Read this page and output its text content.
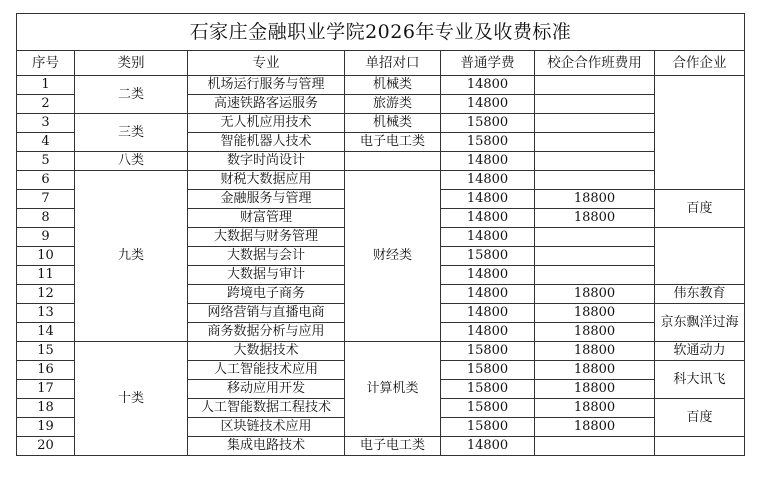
石家庄金融职业学院2026年专业及收费标准
序号	类别	专业	单招对口	普通学费	校企合作班费用	合作企业
1	二类	机场运行服务与管理	机械类	14800		
2		高速铁路客运服务	旅游类	14800		
3	三类	无人机应用技术	机械类	15800		
4		智能机器人技术	电子电工类	15800		
5	八类	数字时尚设计		14800		
6	九类	财税大数据应用	财经类	14800		
7		金融服务与管理		14800	18800	百度
8		财富管理		14800	18800	
9		大数据与财务管理		14800		
10		大数据与会计		15800		
11		大数据与审计		14800		
12		跨境电子商务		14800	18800	伟东教育
13		网络营销与直播电商		14800	18800	京东飘洋过海
14		商务数据分析与应用		14800	18800	
15	十类	大数据技术	计算机类	15800	18800	软通动力
16		人工智能技术应用		15800	18800	科大讯飞
17		移动应用开发		15800	18800	
18		人工智能数据工程技术		15800	18800	百度
19		区块链技术应用		15800	18800	
20		集成电路技术	电子电工类	14800		
